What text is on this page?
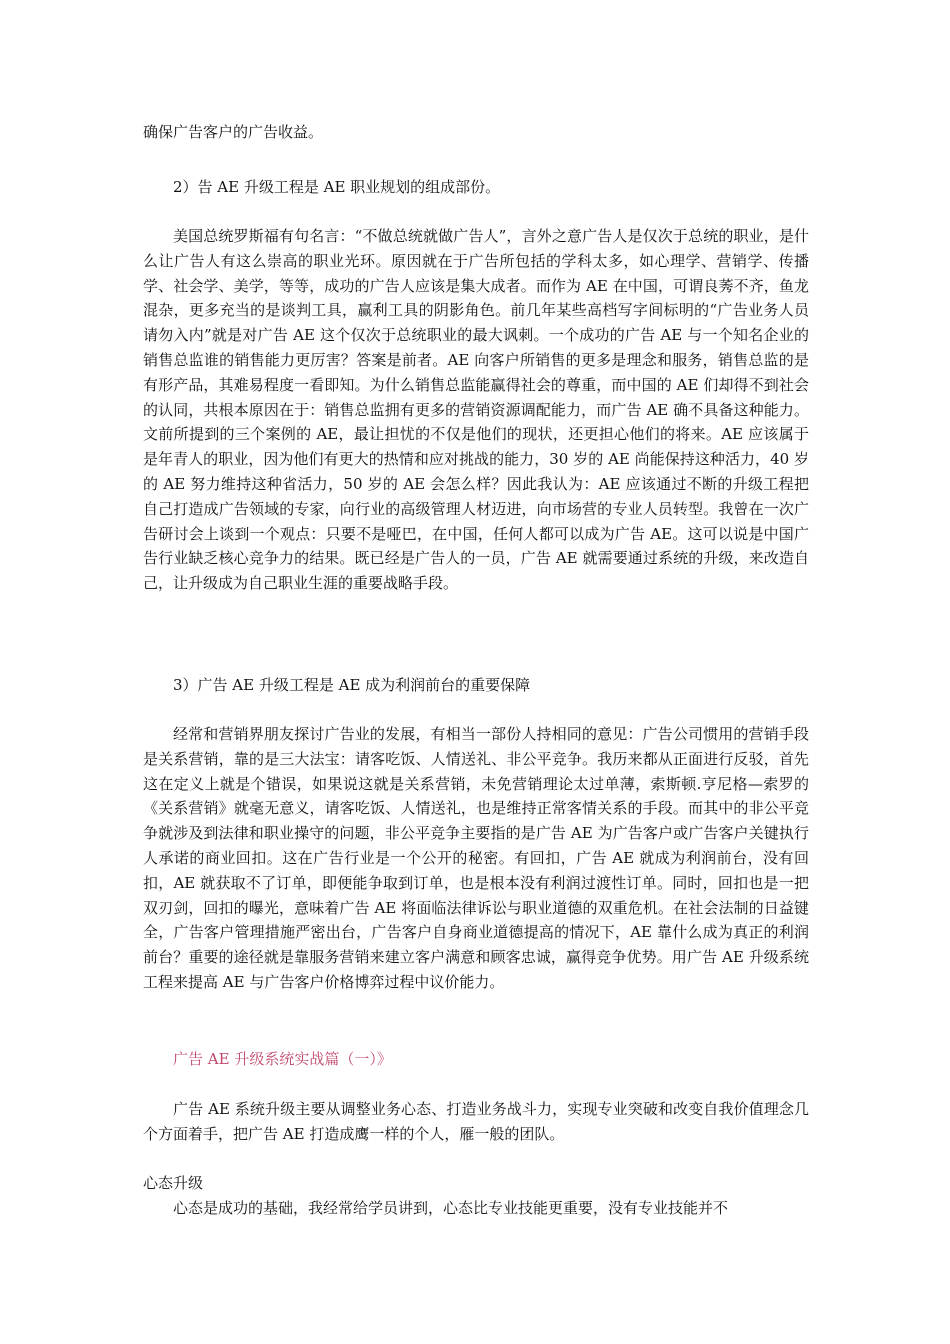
确保广告客户的广告收益。

2）告 AE 升级工程是 AE 职业规划的组成部份。

美国总统罗斯福有句名言：“不做总统就做广告人”，言外之意广告人是仅次于总统的职业，是什么让广告人有这么崇高的职业光环。原因就在于广告所包括的学科太多，如心理学、营销学、传播学、社会学、美学，等等，成功的广告人应该是集大成者。而作为 AE 在中国，可谓良莠不齐，鱼龙混杂，更多充当的是谈判工具，赢利工具的阴影角色。前几年某些高档写字间标明的“广告业务人员请勿入内”就是对广告 AE 这个仅次于总统职业的最大讽刺。一个成功的广告 AE 与一个知名企业的销售总监谁的销售能力更厉害？答案是前者。AE 向客户所销售的更多是理念和服务，销售总监的是有形产品，其难易程度一看即知。为什么销售总监能赢得社会的尊重，而中国的 AE 们却得不到社会的认同，共根本原因在于：销售总监拥有更多的营销资源调配能力，而广告 AE 确不具备这种能力。文前所提到的三个案例的 AE，最让担忧的不仅是他们的现状，还更担心他们的将来。AE 应该属于是年青人的职业，因为他们有更大的热情和应对挑战的能力，30 岁的 AE 尚能保持这种活力，40 岁的 AE 努力维持这种省活力，50 岁的 AE 会怎么样？因此我认为：AE 应该通过不断的升级工程把自己打造成广告领域的专家，向行业的高级管理人材迈进，向市场营的专业人员转型。我曾在一次广告研讨会上谈到一个观点：只要不是哑巴，在中国，任何人都可以成为广告 AE。这可以说是中国广告行业缺乏核心竞争力的结果。既已经是广告人的一员，广告 AE 就需要通过系统的升级，来改造自己，让升级成为自己职业生涯的重要战略手段。

3）广告 AE 升级工程是 AE 成为利润前台的重要保障

经常和营销界朋友探讨广告业的发展，有相当一部份人持相同的意见：广告公司惯用的营销手段是关系营销，靠的是三大法宝：请客吃饭、人情送礼、非公平竞争。我历来都从正面进行反驳，首先这在定义上就是个错误，如果说这就是关系营销，未免营销理论太过单薄，索斯顿.亨尼格—索罗的《关系营销》就毫无意义，请客吃饭、人情送礼，也是维持正常客情关系的手段。而其中的非公平竞争就涉及到法律和职业操守的问题，非公平竞争主要指的是广告 AE 为广告客户或广告客户关键执行人承诺的商业回扣。这在广告行业是一个公开的秘密。有回扣，广告 AE 就成为利润前台，没有回扣，AE 就获取不了订单，即便能争取到订单，也是根本没有利润过渡性订单。同时，回扣也是一把双刃剑，回扣的曝光，意味着广告 AE 将面临法律诉讼与职业道德的双重危机。在社会法制的日益键全，广告客户管理措施严密出台，广告客户自身商业道德提高的情况下，AE 靠什么成为真正的利润前台？重要的途径就是靠服务营销来建立客户满意和顾客忠诚，赢得竞争优势。用广告 AE 升级系统工程来提高 AE 与广告客户价格博弈过程中议价能力。

广告 AE 升级系统实战篇（一）》

广告 AE 系统升级主要从调整业务心态、打造业务战斗力，实现专业突破和改变自我价值理念几个方面着手，把广告 AE 打造成鹰一样的个人，雁一般的团队。

心态升级

心态是成功的基础，我经常给学员讲到，心态比专业技能更重要，没有专业技能并不
